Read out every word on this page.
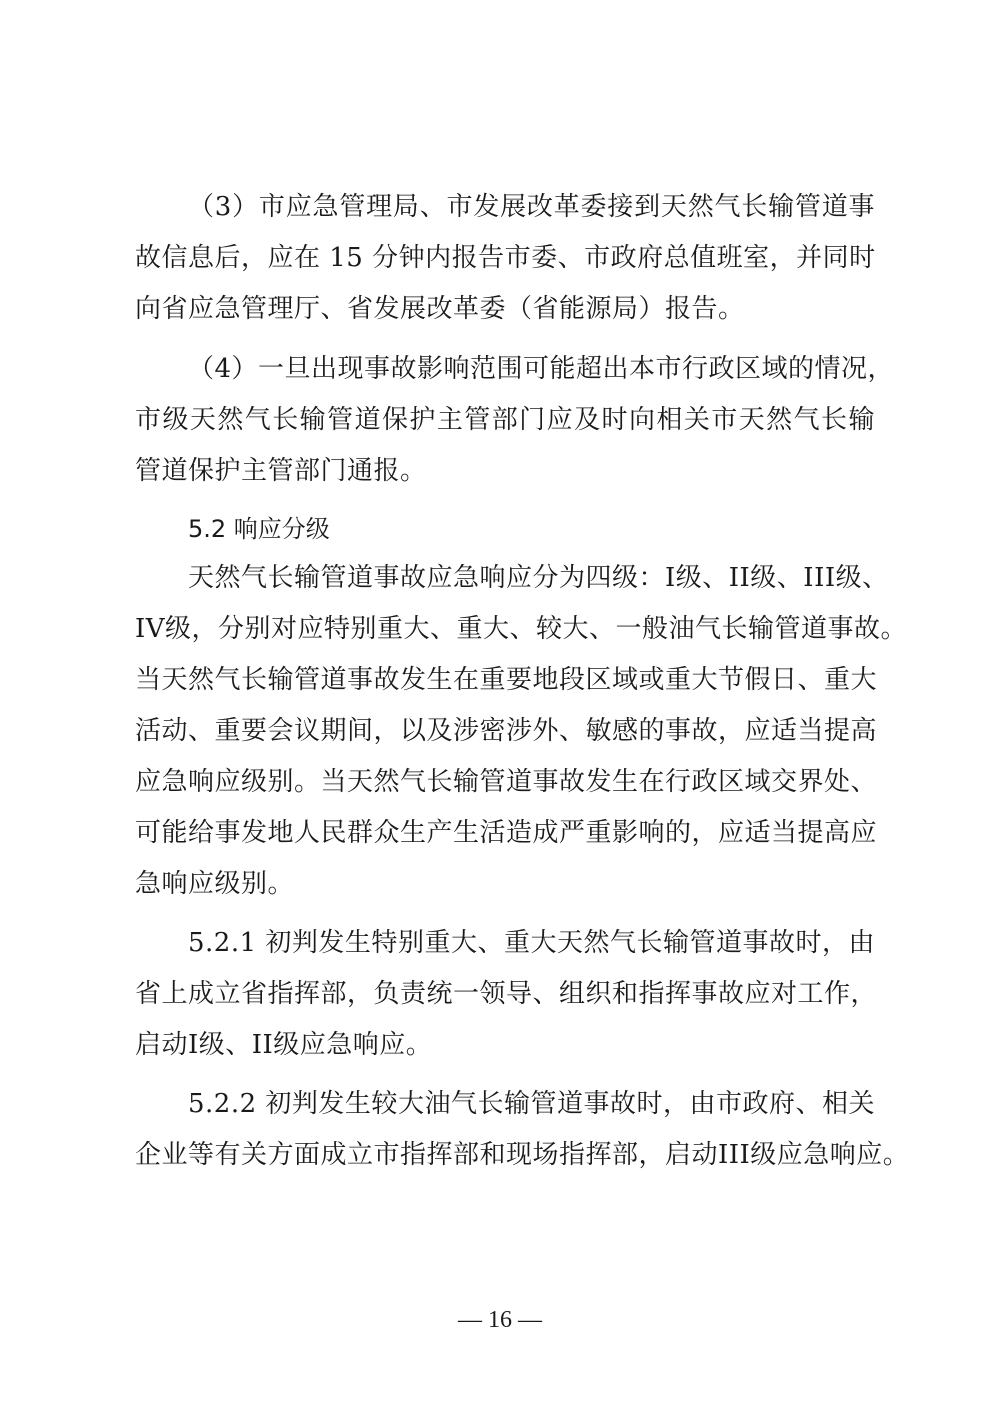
（3）市应急管理局、市发展改革委接到天然气长输管道事
故信息后，应在 15 分钟内报告市委、市政府总值班室，并同时
向省应急管理厅、省发展改革委（省能源局）报告。
（4）一旦出现事故影响范围可能超出本市行政区域的情况，
市级天然气长输管道保护主管部门应及时向相关市天然气长输
管道保护主管部门通报。
5.2 响应分级
天然气长输管道事故应急响应分为四级：I级、II级、III级、
IV级，分别对应特别重大、重大、较大、一般油气长输管道事故。
当天然气长输管道事故发生在重要地段区域或重大节假日、重大
活动、重要会议期间，以及涉密涉外、敏感的事故，应适当提高
应急响应级别。当天然气长输管道事故发生在行政区域交界处、
可能给事发地人民群众生产生活造成严重影响的，应适当提高应
急响应级别。
5.2.1 初判发生特别重大、重大天然气长输管道事故时，由
省上成立省指挥部，负责统一领导、组织和指挥事故应对工作，
启动I级、II级应急响应。
5.2.2 初判发生较大油气长输管道事故时，由市政府、相关
企业等有关方面成立市指挥部和现场指挥部，启动III级应急响应。
— 16 —
